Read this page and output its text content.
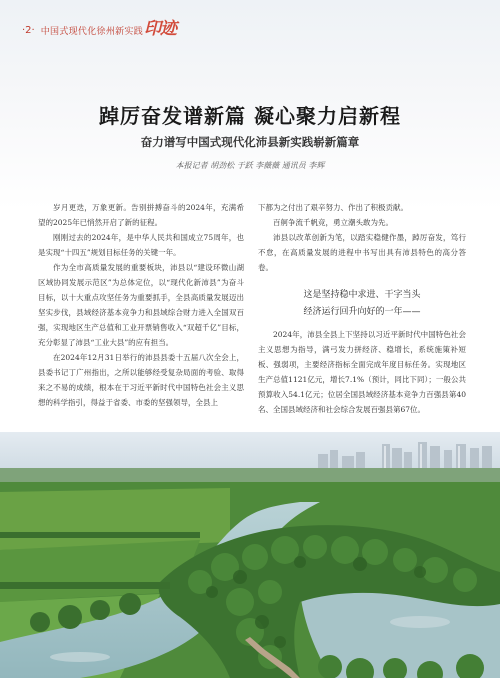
·2· 中国式现代化徐州新实践 印迹
踔厉奋发谱新篇 凝心聚力启新程
奋力谱写中国式现代化沛县新实践崭新篇章
本报记者 胡劲松 于跃 李薇薇 通讯员 李辉

岁月更迭，万象更新。告别拼搏奋斗的2024年，充满希望的2025年已悄然开启了新的征程。

刚刚过去的2024年，是中华人民共和国成立75周年，也是实现“十四五”规划目标任务的关键一年。

作为全市高质量发展的重要板块，沛县以“建设环微山湖区域协同发展示范区”为总体定位，以“现代化新沛县”为奋斗目标，以十大重点攻坚任务为重要抓手，全县高质量发展迈出坚实步伐，县域经济基本竞争力和县域综合财力进入全国双百强，实现地区生产总值和工业开票销售收入“双超千亿”目标，充分彰显了沛县“工业大县”的应有担当。

在2024年12月31日举行的沛县县委十五届八次全会上，县委书记丁广州指出，之所以能够经受复杂局面的考验、取得来之不易的成绩，根本在于习近平新时代中国特色社会主义思想的科学指引，得益于省委、市委的坚强领导，全县上

下都为之付出了艰辛努力、作出了积极贡献。

百舸争流千帆竞，勇立潮头敢为先。

沛县以改革创新为笔，以踏实稳健作墨，踔厉奋发，笃行不怠，在高质量发展的进程中书写出具有沛县特色的高分答卷。

这是坚持稳中求进、干字当头
经济运行回升向好的一年——

2024年，沛县全县上下坚持以习近平新时代中国特色社会主义思想为指导，满弓发力拼经济、稳增长，系统施策补短板、强弱项，主要经济指标全面完成年度目标任务。实现地区生产总值1121亿元，增长7.1%（预计，同比下同）；一般公共预算收入54.1亿元；位居全国县域经济基本竞争力百强县第40名、全国县域经济和社会综合发展百强县第67位。
